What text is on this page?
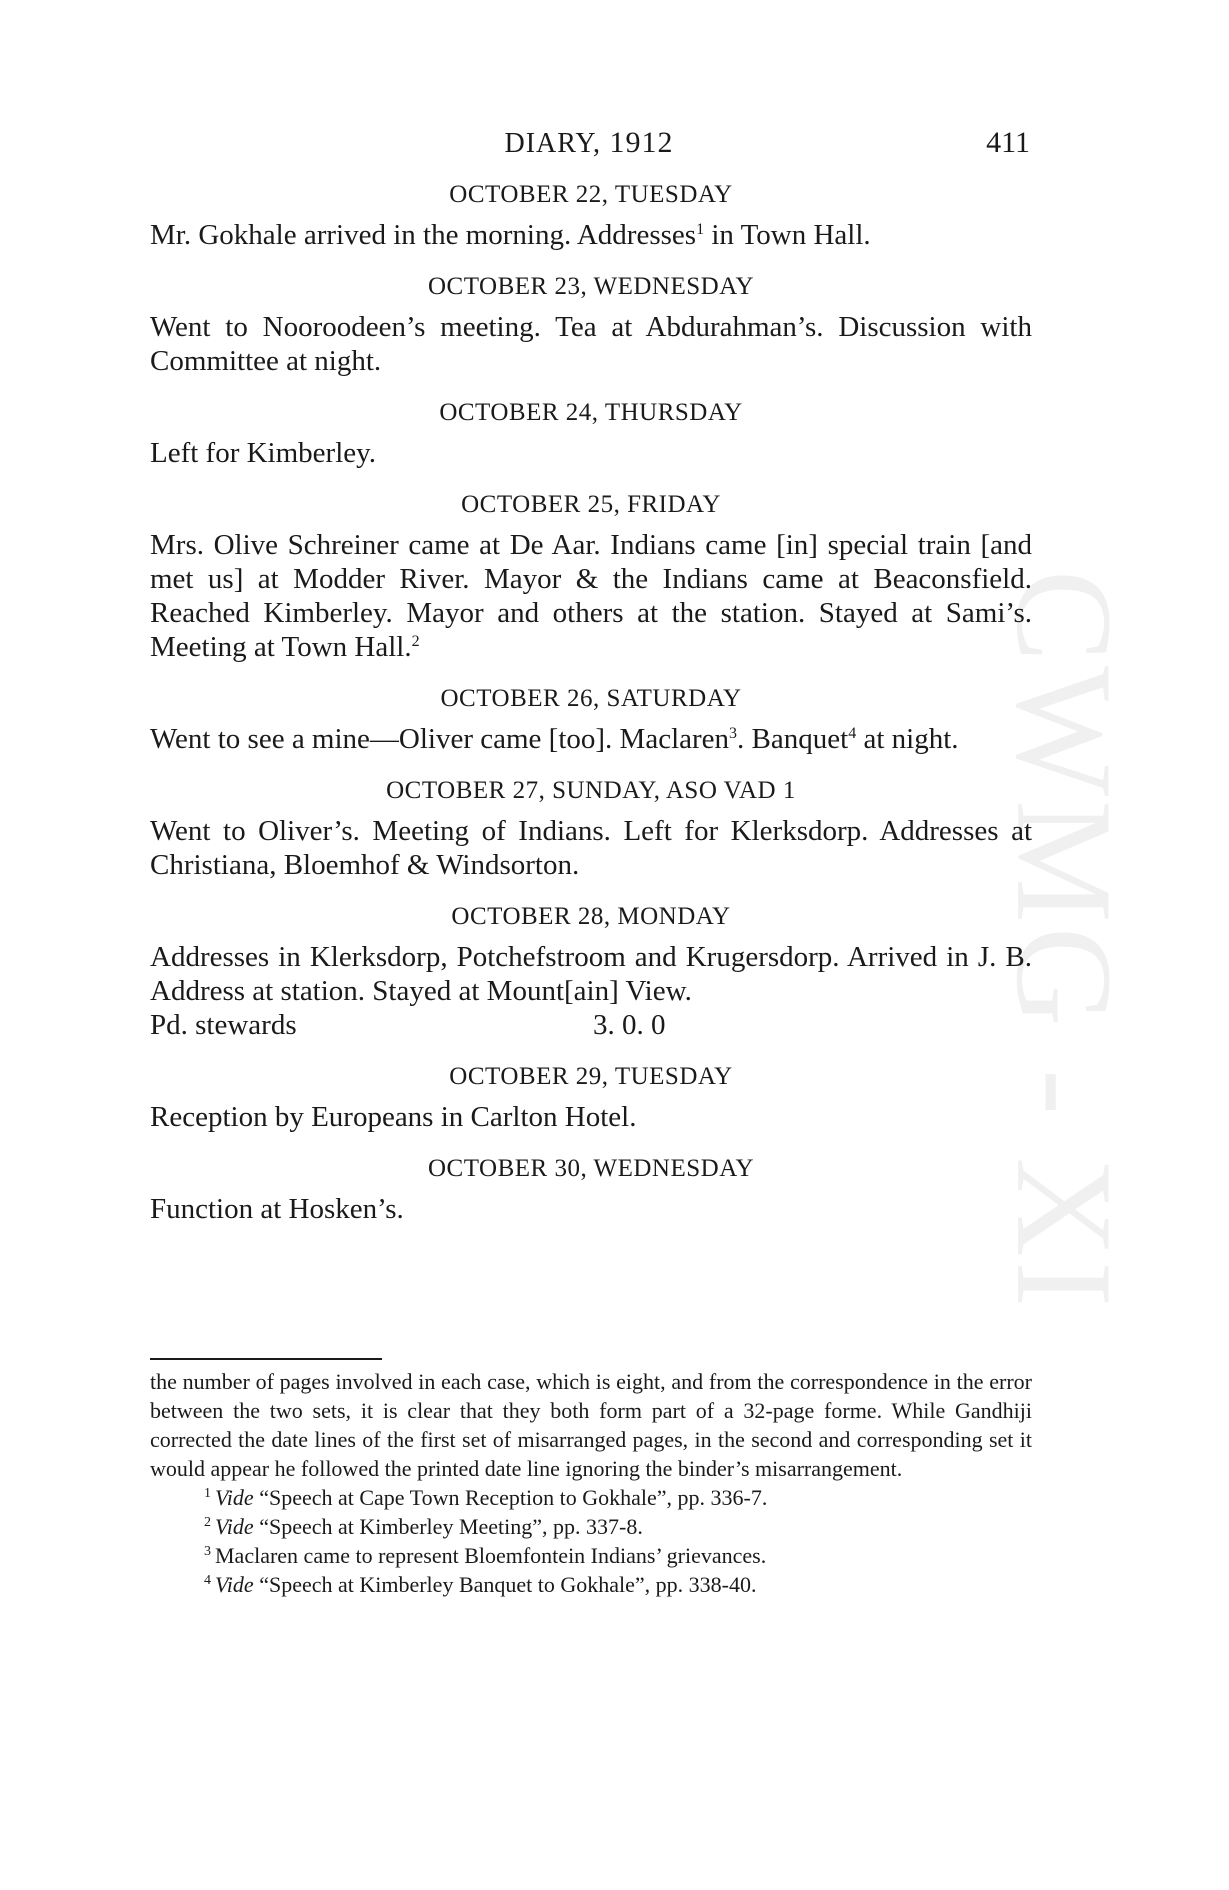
CWMG - XI
DIARY, 1912	411
OCTOBER 22, TUESDAY
Mr. Gokhale arrived in the morning. Addresses$^1$ in Town Hall.
OCTOBER 23, WEDNESDAY
Went to Nooroodeen’s meeting. Tea at Abdurahman’s. Discussion with Committee at night.
OCTOBER 24, THURSDAY
Left for Kimberley.
OCTOBER 25, FRIDAY
Mrs. Olive Schreiner came at De Aar. Indians came [in] special train [and met us] at Modder River. Mayor & the Indians came at Beaconsfield. Reached Kimberley. Mayor and others at the station. Stayed at Sami’s. Meeting at Town Hall.$^2$
OCTOBER 26, SATURDAY
Went to see a mine—Oliver came [too]. Maclaren$^3$. Banquet$^4$ at night.
OCTOBER 27, SUNDAY, ASO VAD 1
Went to Oliver’s. Meeting of Indians. Left for Klerksdorp. Addresses at Christiana, Bloemhof & Windsorton.
OCTOBER 28, MONDAY
Addresses in Klerksdorp, Potchefstroom and Krugersdorp. Arrived in J. B. Address at station. Stayed at Mount[ain] View.
Pd. stewards	3. 0. 0
OCTOBER 29, TUESDAY
Reception by Europeans in Carlton Hotel.
OCTOBER 30, WEDNESDAY
Function at Hosken’s.

the number of pages involved in each case, which is eight, and from the correspondence in the error between the two sets, it is clear that they both form part of a 32-page forme. While Gandhiji corrected the date lines of the first set of misarranged pages, in the second and corresponding set it would appear he followed the printed date line ignoring the binder’s misarrangement.

$^1$ Vide “Speech at Cape Town Reception to Gokhale”, pp. 336-7.

$^2$ Vide “Speech at Kimberley Meeting”, pp. 337-8.

$^3$ Maclaren came to represent Bloemfontein Indians’ grievances.

$^4$ Vide “Speech at Kimberley Banquet to Gokhale”, pp. 338-40.
